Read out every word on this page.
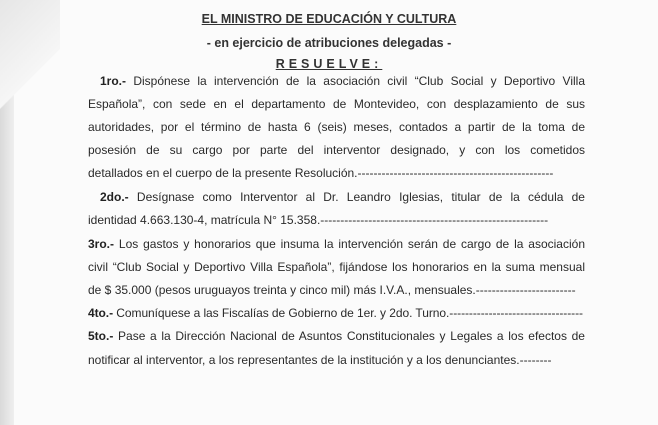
EL MINISTRO DE EDUCACIÓN Y CULTURA
- en ejercicio de atribuciones delegadas -
RESUELVE:
1ro.- Dispónese la intervención de la asociación civil “Club Social y Deportivo Villa
Española”, con sede en el departamento de Montevideo, con desplazamiento de sus
autoridades, por el término de hasta 6 (seis) meses, contados a partir de la toma de
posesión de su cargo por parte del interventor designado, y con los cometidos
detallados en el cuerpo de la presente Resolución.-------------------------------------------------
2do.- Desígnase como Interventor al Dr. Leandro Iglesias, titular de la cédula de
identidad 4.663.130-4, matrícula N° 15.358.---------------------------------------------------------
3ro.- Los gastos y honorarios que insuma la intervención serán de cargo de la asociación
civil “Club Social y Deportivo Villa Española”, fijándose los honorarios en la suma mensual
de $ 35.000 (pesos uruguayos treinta y cinco mil) más I.V.A., mensuales.-------------------------
4to.- Comuníquese a las Fiscalías de Gobierno de 1er. y 2do. Turno.----------------------------------
5to.- Pase a la Dirección Nacional de Asuntos Constitucionales y Legales a los efectos de
notificar al interventor, a los representantes de la institución y a los denunciantes.--------
